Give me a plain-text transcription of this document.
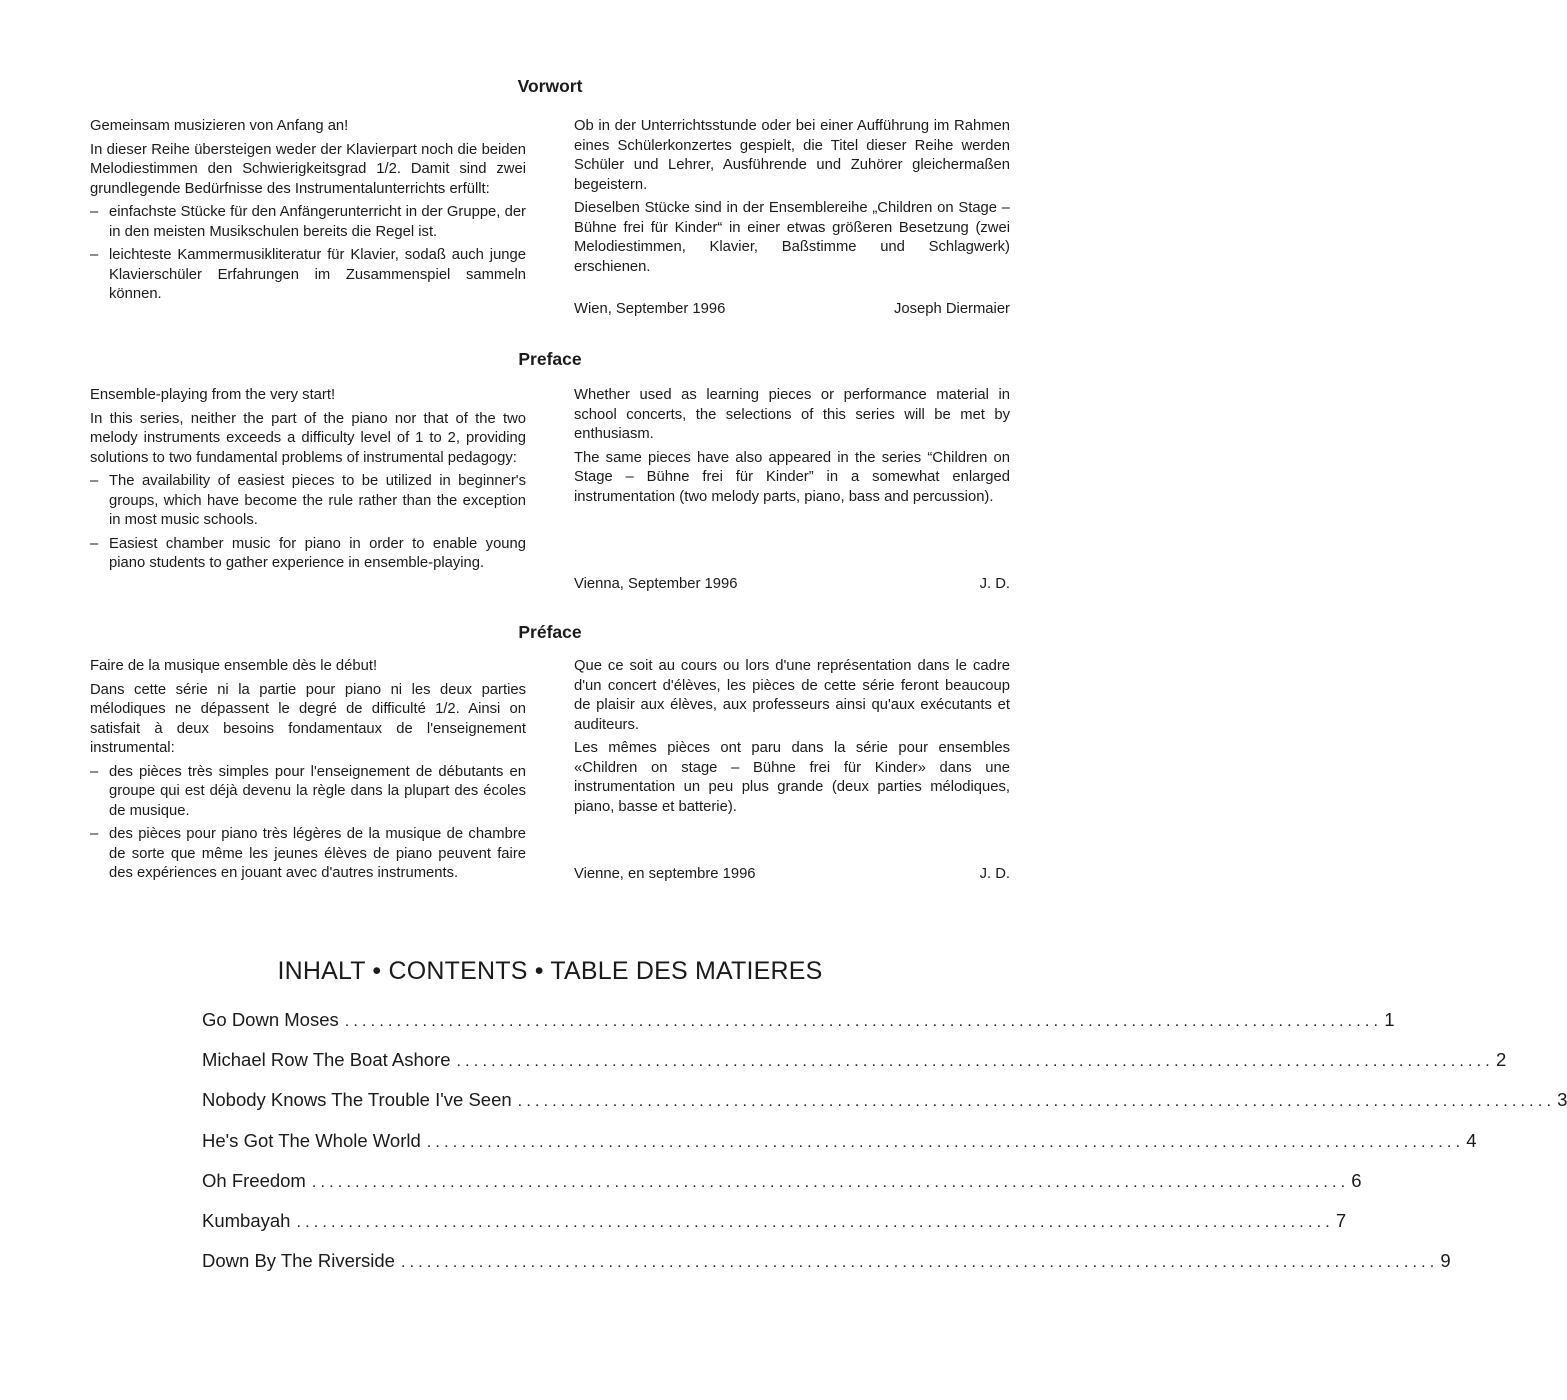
Vorwort

Gemeinsam musizieren von Anfang an!

In dieser Reihe übersteigen weder der Klavierpart noch die beiden Melodiestimmen den Schwierigkeitsgrad 1/2. Damit sind zwei grundlegende Bedürfnisse des Instrumentalunterrichts erfüllt:

– einfachste Stücke für den Anfängerunterricht in der Gruppe, der in den meisten Musikschulen bereits die Regel ist.
– leichteste Kammermusikliteratur für Klavier, sodaß auch junge Klavierschüler Erfahrungen im Zusammenspiel sammeln können.

Ob in der Unterrichtsstunde oder bei einer Aufführung im Rahmen eines Schülerkonzertes gespielt, die Titel dieser Reihe werden Schüler und Lehrer, Ausführende und Zuhörer gleichermaßen begeistern.

Dieselben Stücke sind in der Ensemblereihe „Children on Stage – Bühne frei für Kinder“ in einer etwas größeren Besetzung (zwei Melodiestimmen, Klavier, Baßstimme und Schlagwerk) erschienen.

Wien, September 1996	Joseph Diermaier
Preface

Ensemble-playing from the very start!

In this series, neither the part of the piano nor that of the two melody instruments exceeds a difficulty level of 1 to 2, providing solutions to two fundamental problems of instrumental pedagogy:

– The availability of easiest pieces to be utilized in beginner's groups, which have become the rule rather than the exception in most music schools.
– Easiest chamber music for piano in order to enable young piano students to gather experience in ensemble-playing.

Whether used as learning pieces or performance material in school concerts, the selections of this series will be met by enthusiasm.

The same pieces have also appeared in the series “Children on Stage – Bühne frei für Kinder” in a somewhat enlarged instrumentation (two melody parts, piano, bass and percussion).

Vienna, September 1996	J. D.
Préface

Faire de la musique ensemble dès le début!

Dans cette série ni la partie pour piano ni les deux parties mélodiques ne dépassent le degré de difficulté 1/2. Ainsi on satisfait à deux besoins fondamentaux de l'enseignement instrumental:

– des pièces très simples pour l'enseignement de débutants en groupe qui est déjà devenu la règle dans la plupart des écoles de musique.
– des pièces pour piano très légères de la musique de chambre de sorte que même les jeunes élèves de piano peuvent faire des expériences en jouant avec d'autres instruments.

Que ce soit au cours ou lors d'une représentation dans le cadre d'un concert d'élèves, les pièces de cette série feront beaucoup de plaisir aux élèves, aux professeurs ainsi qu'aux exécutants et auditeurs.

Les mêmes pièces ont paru dans la série pour ensembles «Children on stage – Bühne frei für Kinder» dans une instrumentation un peu plus grande (deux parties mélodiques, piano, basse et batterie).

Vienne, en septembre 1996	J. D.
INHALT • CONTENTS • TABLE DES MATIERES
Go Down Moses ........................................................................................................................ 1
Michael Row The Boat Ashore ........................................................................................................................ 2
Nobody Knows The Trouble I've Seen ........................................................................................................................ 3
He's Got The Whole World ........................................................................................................................ 4
Oh Freedom ........................................................................................................................ 6
Kumbayah ........................................................................................................................ 7
Down By The Riverside ........................................................................................................................ 9
